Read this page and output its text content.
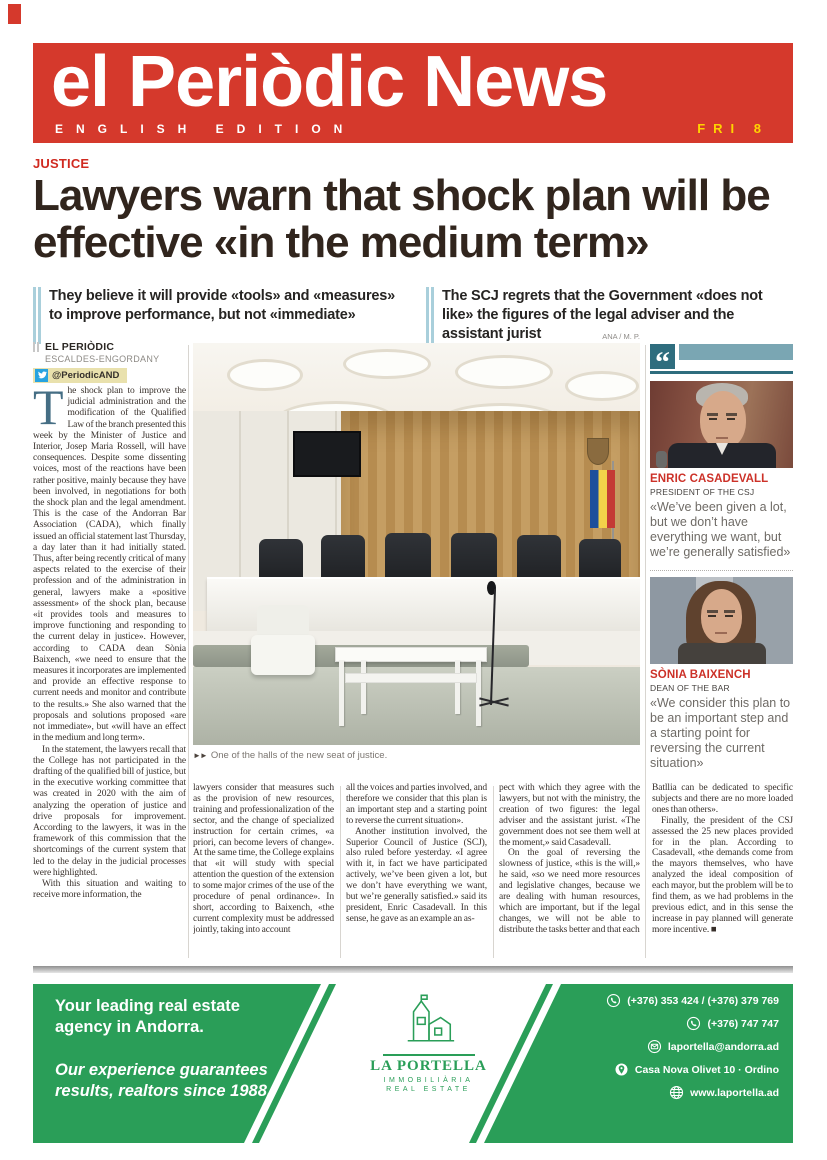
el Periòdic News
ENGLISH EDITION	FRI 8
JUSTICE
Lawyers warn that shock plan will be effective «in the medium term»
They believe it will provide «tools» and «measures» to improve performance, but not «immediate»
The SCJ regrets that the Government «does not like» the figures of the legal adviser and the assistant jurist
EL PERIÒDIC
ESCALDES-ENGORDANY
@PeriodicAND

The shock plan to improve the judicial administration and the modification of the Qualified Law of the branch presented this week by the Minister of Justice and Interior, Josep Maria Rossell, will have consequences. Despite some dissenting voices, most of the reactions have been rather positive, mainly because they have been involved, in negotiations for both the shock plan and the legal amendment. This is the case of the Andorran Bar Association (CADA), which finally issued an official statement last Thursday, a day later than it had initially stated. Thus, after being recently critical of many aspects related to the exercise of their profession and of the administration in general, lawyers make a «positive assessment» of the shock plan, because «it provides tools and measures to improve functioning and responding to the current delay in justice». However, according to CADA dean Sònia Baixench, «we need to ensure that the measures it incorporates are implemented and provide an effective response to current needs and monitor and contribute to the results.» She also warned that the proposals and solutions proposed «are not immediate», but «will have an effect in the medium and long term».

In the statement, the lawyers recall that the College has not participated in the drafting of the qualified bill of justice, but in the executive working committee that was created in 2020 with the aim of analyzing the operation of justice and drive proposals for improvement. According to the lawyers, it was in the framework of this commission that the shortcomings of the current system that led to the delay in the judicial processes were highlighted.

With this situation and waiting to receive more information, the

ANA / M. P.
►► One of the halls of the new seat of justice.
“
ENRIC CASADEVALL
PRESIDENT OF THE CSJ
«We’ve been given a lot, but we don’t have everything we want, but we’re generally satisfied»
SÒNIA BAIXENCH
DEAN OF THE BAR
«We consider this plan to be an important step and a starting point for reversing the current situation»

lawyers consider that measures such as the provision of new resources, training and professionalization of the sector, and the change of specialized instruction for certain crimes, «a priori, can become levers of change». At the same time, the College explains that «it will study with special attention the question of the extension to some major crimes of the use of the procedure of penal ordinance». In short, according to Baixench, «the current complexity must be addressed jointly, taking into account

all the voices and parties involved, and therefore we consider that this plan is an important step and a starting point to reverse the current situation».

Another institution involved, the Superior Council of Justice (SCJ), also ruled before yesterday. «I agree with it, in fact we have participated actively, we’ve been given a lot, but we don’t have everything we want, but we’re generally satisfied.» said its president, Enric Casadevall. In this sense, he gave as an example an as-

pect with which they agree with the lawyers, but not with the ministry, the creation of two figures: the legal adviser and the assistant jurist. «The government does not see them well at the moment,» said Casadevall.

On the goal of reversing the slowness of justice, «this is the will,» he said, «so we need more resources and legislative changes, because we are dealing with human resources, which are important, but if the legal changes, we will not be able to distribute the tasks better and that each

Batllia can be dedicated to specific subjects and there are no more loaded ones than others».

Finally, the president of the CSJ assessed the 25 new places provided for in the plan. According to Casadevall, «the demands come from the mayors themselves, who have analyzed the ideal composition of each mayor, but the problem will be to find them, as we had problems in the previous edict, and in this sense the increase in pay planned will generate more incentive. ■

Your leading real estate agency in Andorra.
Our experience guarantees results, realtors since 1988.
LA PORTELLA
IMMOBILIÀRIA
REAL ESTATE
(+376) 353 424 / (+376) 379 769
(+376) 747 747
laportella@andorra.ad
Casa Nova Olivet 10 · Ordino
www.laportella.ad
